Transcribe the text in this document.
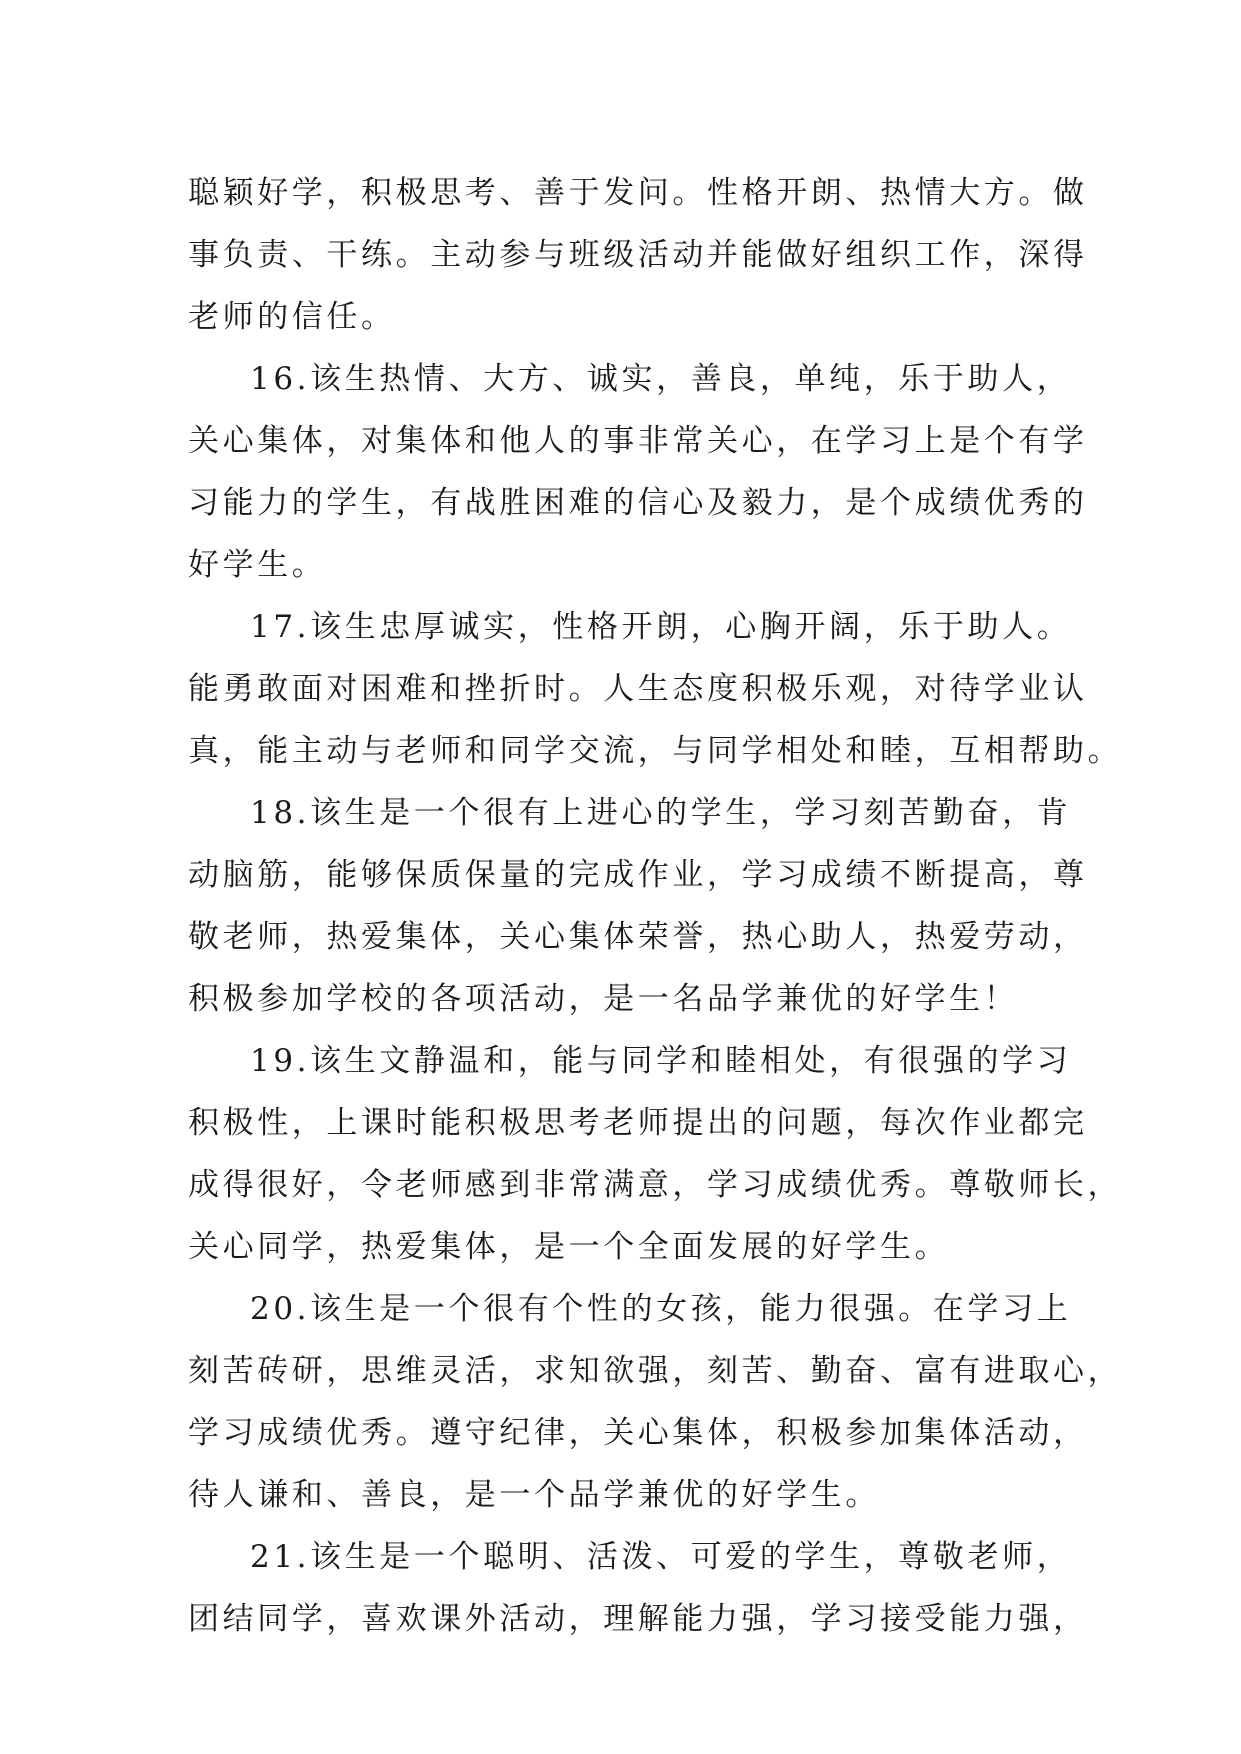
聪颖好学，积极思考、善于发问。性格开朗、热情大方。做
事负责、干练。主动参与班级活动并能做好组织工作，深得
老师的信任。
16.该生热情、大方、诚实，善良，单纯，乐于助人，
关心集体，对集体和他人的事非常关心，在学习上是个有学
习能力的学生，有战胜困难的信心及毅力，是个成绩优秀的
好学生。
17.该生忠厚诚实，性格开朗，心胸开阔，乐于助人。
能勇敢面对困难和挫折时。人生态度积极乐观，对待学业认
真，能主动与老师和同学交流，与同学相处和睦，互相帮助。
18.该生是一个很有上进心的学生，学习刻苦勤奋，肯
动脑筋，能够保质保量的完成作业，学习成绩不断提高，尊
敬老师，热爱集体，关心集体荣誉，热心助人，热爱劳动，
积极参加学校的各项活动，是一名品学兼优的好学生！
19.该生文静温和，能与同学和睦相处，有很强的学习
积极性，上课时能积极思考老师提出的问题，每次作业都完
成得很好，令老师感到非常满意，学习成绩优秀。尊敬师长，
关心同学，热爱集体，是一个全面发展的好学生。
20.该生是一个很有个性的女孩，能力很强。在学习上
刻苦砖研，思维灵活，求知欲强，刻苦、勤奋、富有进取心，
学习成绩优秀。遵守纪律，关心集体，积极参加集体活动，
待人谦和、善良，是一个品学兼优的好学生。
21.该生是一个聪明、活泼、可爱的学生，尊敬老师，
团结同学，喜欢课外活动，理解能力强，学习接受能力强，
